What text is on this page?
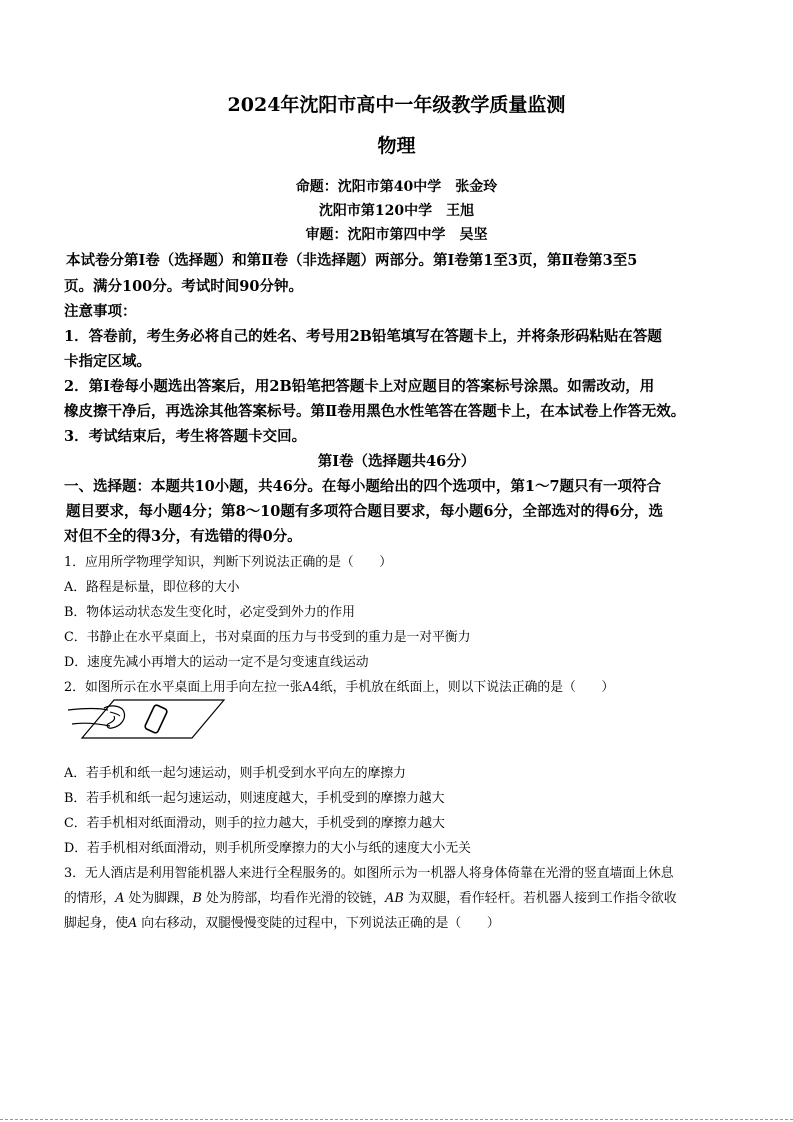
2024年沈阳市高中一年级教学质量监测
物理
命题：沈阳市第40中学　张金玲
沈阳市第120中学　王旭
审题：沈阳市第四中学　吴坚
本试卷分第Ⅰ卷（选择题）和第Ⅱ卷（非选择题）两部分。第Ⅰ卷第1至3页，第Ⅱ卷第3至5
页。满分100分。考试时间90分钟。
注意事项：
1．答卷前，考生务必将自己的姓名、考号用2B铅笔填写在答题卡上，并将条形码粘贴在答题
卡指定区域。
2．第Ⅰ卷每小题选出答案后，用2B铅笔把答题卡上对应题目的答案标号涂黑。如需改动，用
橡皮擦干净后，再选涂其他答案标号。第Ⅱ卷用黑色水性笔答在答题卡上，在本试卷上作答无效。
3．考试结束后，考生将答题卡交回。
第Ⅰ卷（选择题共46分）
一、选择题：本题共10小题，共46分。在每小题给出的四个选项中，第1～7题只有一项符合
题目要求，每小题4分；第8～10题有多项符合题目要求，每小题6分，全部选对的得6分，选
对但不全的得3分，有选错的得0分。
1．应用所学物理学知识，判断下列说法正确的是（　　）
A．路程是标量，即位移的大小
B．物体运动状态发生变化时，必定受到外力的作用
C．书静止在水平桌面上，书对桌面的压力与书受到的重力是一对平衡力
D．速度先减小再增大的运动一定不是匀变速直线运动
2．如图所示在水平桌面上用手向左拉一张A4纸，手机放在纸面上，则以下说法正确的是（　　）
A．若手机和纸一起匀速运动，则手机受到水平向左的摩擦力
B．若手机和纸一起匀速运动，则速度越大，手机受到的摩擦力越大
C．若手机相对纸面滑动，则手的拉力越大，手机受到的摩擦力越大
D．若手机相对纸面滑动，则手机所受摩擦力的大小与纸的速度大小无关
3．无人酒店是利用智能机器人来进行全程服务的。如图所示为一机器人将身体倚靠在光滑的竖直墙面上休息
的情形，A 处为脚踝，B 处为胯部，均看作光滑的铰链，AB 为双腿，看作轻杆。若机器人接到工作指令欲收
脚起身，使A 向右移动，双腿慢慢变陡的过程中，下列说法正确的是（　　）
